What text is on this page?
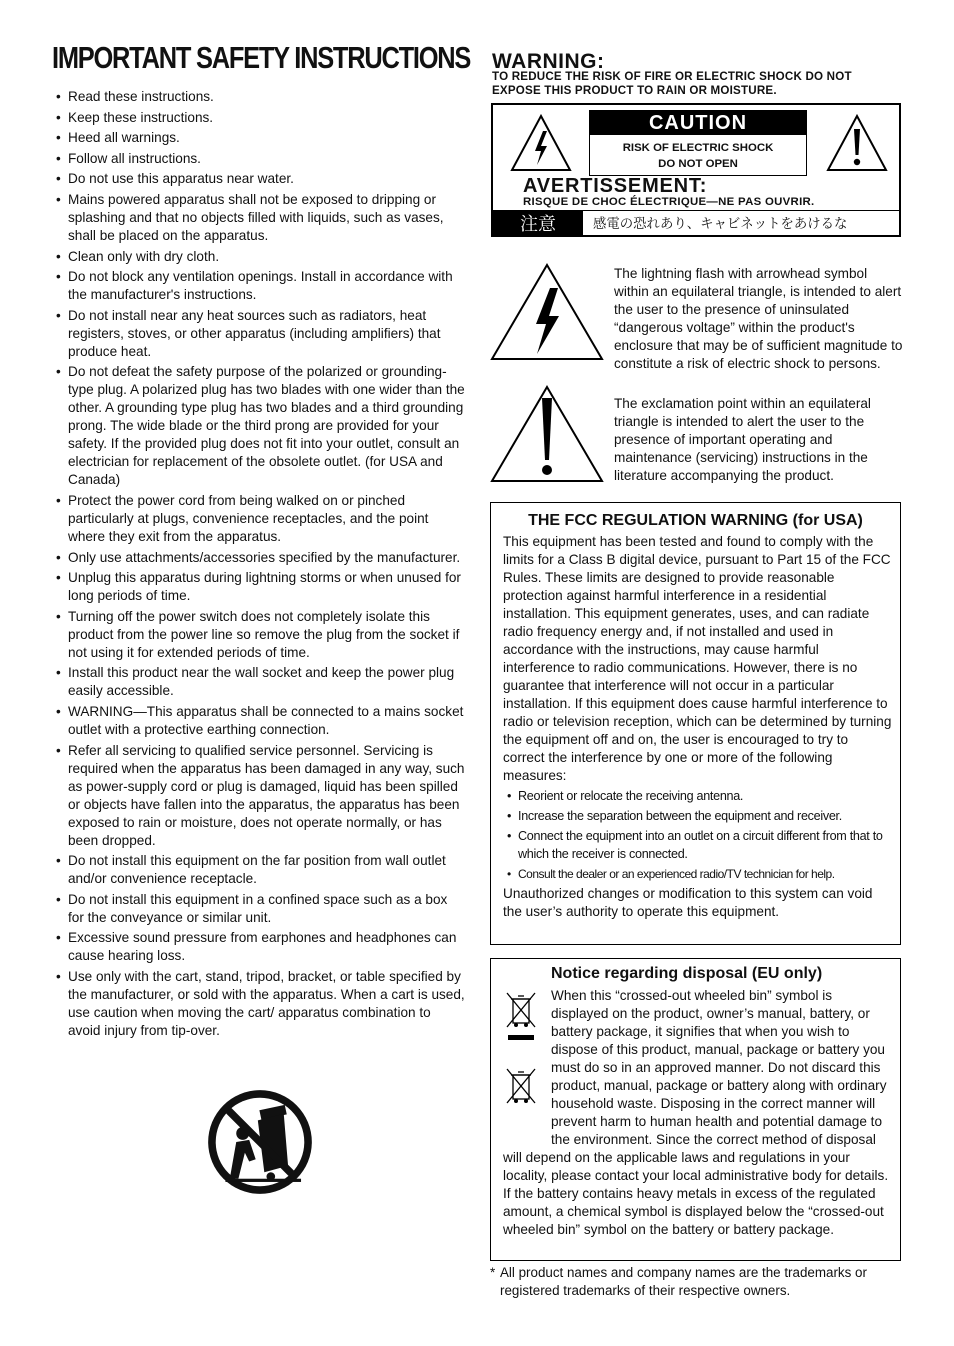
IMPORTANT SAFETY INSTRUCTIONS
• Read these instructions.
• Keep these instructions.
• Heed all warnings.
• Follow all instructions.
• Do not use this apparatus near water.
• Mains powered apparatus shall not be exposed to dripping or splashing and that no objects filled with liquids, such as vases, shall be placed on the apparatus.
• Clean only with dry cloth.
• Do not block any ventilation openings. Install in accordance with the manufacturer's instructions.
• Do not install near any heat sources such as radiators, heat registers, stoves, or other apparatus (including amplifiers) that produce heat.
• Do not defeat the safety purpose of the polarized or grounding-type plug. A polarized plug has two blades with one wider than the other. A grounding type plug has two blades and a third grounding prong. The wide blade or the third prong are provided for your safety. If the provided plug does not fit into your outlet, consult an electrician for replacement of the obsolete outlet. (for USA and Canada)
• Protect the power cord from being walked on or pinched particularly at plugs, convenience receptacles, and the point where they exit from the apparatus.
• Only use attachments/accessories specified by the manufacturer.
• Unplug this apparatus during lightning storms or when unused for long periods of time.
• Turning off the power switch does not completely isolate this product from the power line so remove the plug from the socket if not using it for extended periods of time.
• Install this product near the wall socket and keep the power plug easily accessible.
• WARNING—This apparatus shall be connected to a mains socket outlet with a protective earthing connection.
• Refer all servicing to qualified service personnel. Servicing is required when the apparatus has been damaged in any way, such as power-supply cord or plug is damaged, liquid has been spilled or objects have fallen into the apparatus, the apparatus has been exposed to rain or moisture, does not operate normally, or has been dropped.
• Do not install this equipment on the far position from wall outlet and/or convenience receptacle.
• Do not install this equipment in a confined space such as a box for the conveyance or similar unit.
• Excessive sound pressure from earphones and headphones can cause hearing loss.
• Use only with the cart, stand, tripod, bracket, or table specified by the manufacturer, or sold with the apparatus. When a cart is used, use caution when moving the cart/ apparatus combination to avoid injury from tip-over.
WARNING:
TO REDUCE THE RISK OF FIRE OR ELECTRIC SHOCK DO NOT
EXPOSE THIS PRODUCT TO RAIN OR MOISTURE.
CAUTION
RISK OF ELECTRIC SHOCK
DO NOT OPEN
AVERTISSEMENT:
RISQUE DE CHOC ÉLECTRIQUE—NE PAS OUVRIR.
注意	感電の恐れあり、キャビネットをあけるな
The lightning flash with arrowhead symbol within an equilateral triangle, is intended to alert the user to the presence of uninsulated “dangerous voltage” within the product's enclosure that may be of sufficient magnitude to constitute a risk of electric shock to persons.
The exclamation point within an equilateral triangle is intended to alert the user to the presence of important operating and maintenance (servicing) instructions in the literature accompanying the product.
THE FCC REGULATION WARNING (for USA)
This equipment has been tested and found to comply with the limits for a Class B digital device, pursuant to Part 15 of the FCC Rules. These limits are designed to provide reasonable protection against harmful interference in a residential installation. This equipment generates, uses, and can radiate radio frequency energy and, if not installed and used in accordance with the instructions, may cause harmful interference to radio communications. However, there is no guarantee that interference will not occur in a particular installation. If this equipment does cause harmful interference to radio or television reception, which can be determined by turning the equipment off and on, the user is encouraged to try to correct the interference by one or more of the following measures:
• Reorient or relocate the receiving antenna.
• Increase the separation between the equipment and receiver.
• Connect the equipment into an outlet on a circuit different from that to which the receiver is connected.
• Consult the dealer or an experienced radio/TV technician for help.
Unauthorized changes or modification to this system can void the user’s authority to operate this equipment.
Notice regarding disposal (EU only)
When this “crossed-out wheeled bin” symbol is displayed on the product, owner’s manual, battery, or battery package, it signifies that when you wish to dispose of this product, manual, package or battery you must do so in an approved manner. Do not discard this product, manual, package or battery along with ordinary household waste. Disposing in the correct manner will prevent harm to human health and potential damage to the environment. Since the correct method of disposal will depend on the applicable laws and regulations in your locality, please contact your local administrative body for details. If the battery contains heavy metals in excess of the regulated amount, a chemical symbol is displayed below the “crossed-out wheeled bin” symbol on the battery or battery package.
* All product names and company names are the trademarks or registered trademarks of their respective owners.
